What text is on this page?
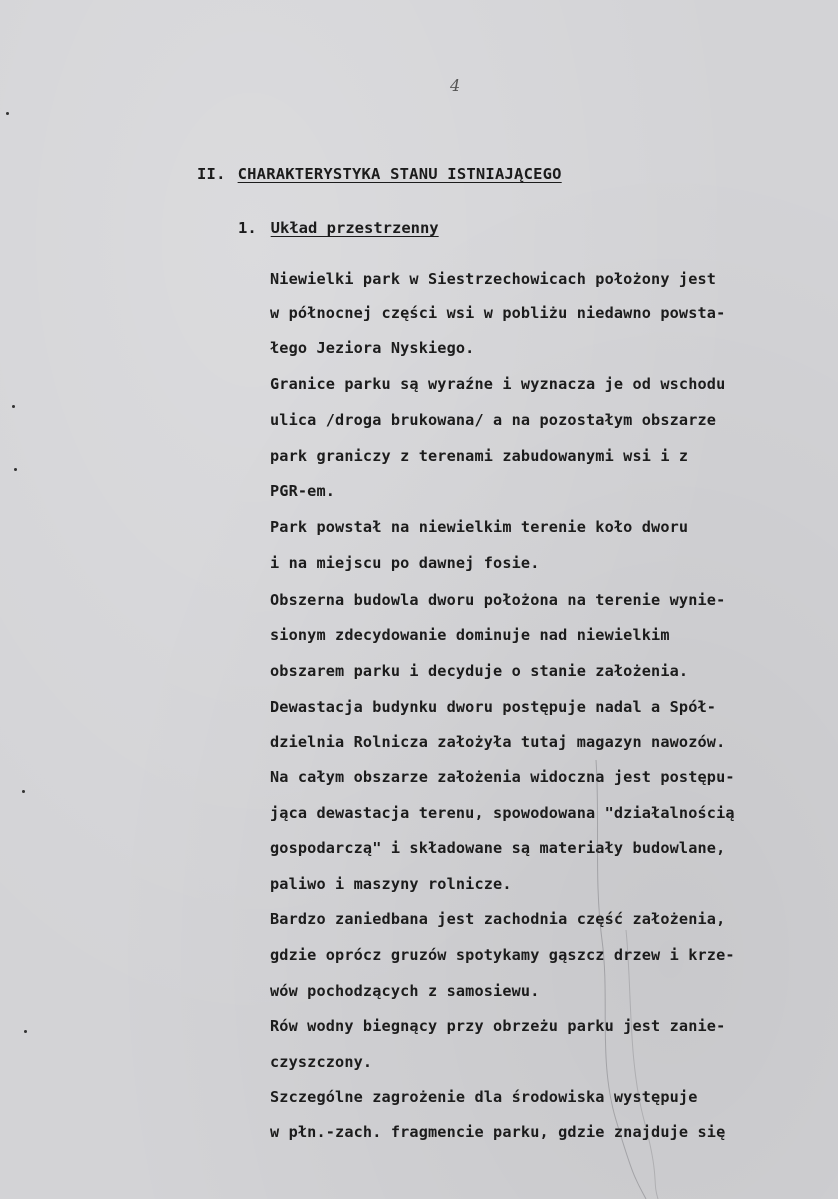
4
II. CHARAKTERYSTYKA STANU ISTNIAJĄCEGO
1. Układ przestrzenny
Niewielki park w Siestrzechowicach położony jest
w północnej części wsi w pobliżu niedawno powsta-
łego Jeziora Nyskiego.
Granice parku są wyraźne i wyznacza je od wschodu
ulica /droga brukowana/ a na pozostałym obszarze
park graniczy z terenami zabudowanymi wsi i z
PGR-em.
Park powstał na niewielkim terenie koło dworu
i na miejscu po dawnej fosie.
Obszerna budowla dworu położona na terenie wynie-
sionym zdecydowanie dominuje nad niewielkim
obszarem parku i decyduje o stanie założenia.
Dewastacja budynku dworu postępuje nadal a Spół-
dzielnia Rolnicza założyła tutaj magazyn nawozów.
Na całym obszarze założenia widoczna jest postępu-
jąca dewastacja terenu, spowodowana "działalnością
gospodarczą" i składowane są materiały budowlane,
paliwo i maszyny rolnicze.
Bardzo zaniedbana jest zachodnia część założenia,
gdzie oprócz gruzów spotykamy gąszcz drzew i krze-
wów pochodzących z samosiewu.
Rów wodny biegnący przy obrzeżu parku jest zanie-
czyszczony.
Szczególne zagrożenie dla środowiska występuje
w płn.-zach. fragmencie parku, gdzie znajduje się
